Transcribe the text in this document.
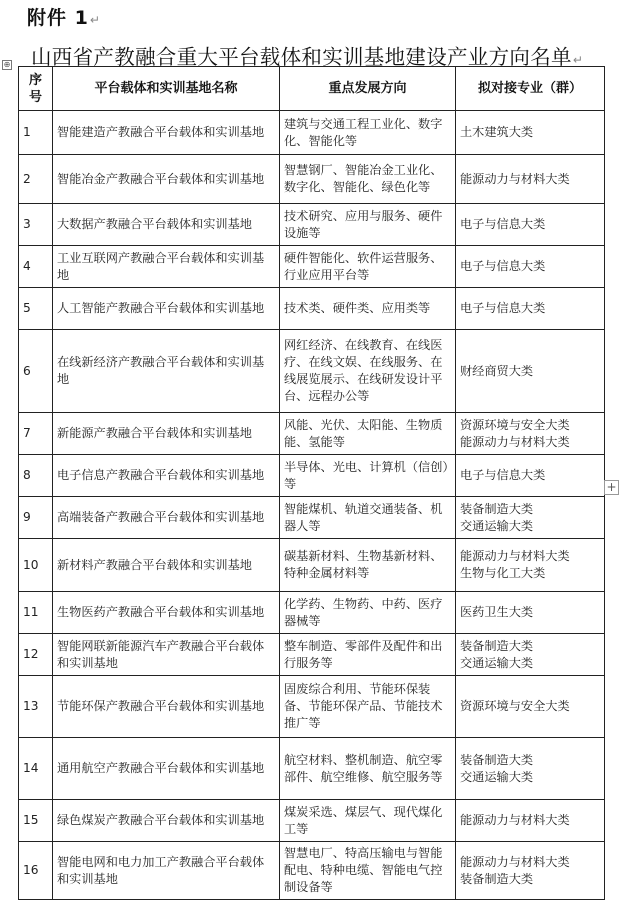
附件 1↵
⊕ 山西省产教融合重大平台载体和实训基地建设产业方向名单↵
序号	平台载体和实训基地名称	重点发展方向	拟对接专业（群）
1	智能建造产教融合平台载体和实训基地	建筑与交通工程工业化、数字化、智能化等	土木建筑大类

2	智能冶金产教融合平台载体和实训基地	智慧钢厂、智能冶金工业化、数字化、智能化、绿色化等	能源动力与材料大类

3	大数据产教融合平台载体和实训基地	技术研究、应用与服务、硬件设施等	电子与信息大类

4	工业互联网产教融合平台载体和实训基地	硬件智能化、软件运营服务、行业应用平台等	电子与信息大类

5	人工智能产教融合平台载体和实训基地	技术类、硬件类、应用类等	电子与信息大类

6	在线新经济产教融合平台载体和实训基地	网红经济、在线教育、在线医疗、在线文娱、在线服务、在线展览展示、在线研发设计平台、远程办公等	财经商贸大类

7	新能源产教融合平台载体和实训基地	风能、光伏、太阳能、生物质能、氢能等	资源环境与安全大类
能源动力与材料大类

8	电子信息产教融合平台载体和实训基地	半导体、光电、计算机（信创）等	电子与信息大类

9	高端装备产教融合平台载体和实训基地	智能煤机、轨道交通装备、机器人等	装备制造大类
交通运输大类

10	新材料产教融合平台载体和实训基地	碳基新材料、生物基新材料、特种金属材料等	能源动力与材料大类
生物与化工大类

11	生物医药产教融合平台载体和实训基地	化学药、生物药、中药、医疗器械等	医药卫生大类

12	智能网联新能源汽车产教融合平台载体和实训基地	整车制造、零部件及配件和出行服务等	装备制造大类
交通运输大类

13	节能环保产教融合平台载体和实训基地	固废综合利用、节能环保装备、节能环保产品、节能技术推广等	资源环境与安全大类

14	通用航空产教融合平台载体和实训基地	航空材料、整机制造、航空零部件、航空维修、航空服务等	装备制造大类
交通运输大类

15	绿色煤炭产教融合平台载体和实训基地	煤炭采选、煤层气、现代煤化工等	能源动力与材料大类

16	智能电网和电力加工产教融合平台载体和实训基地	智慧电厂、特高压输电与智能配电、特种电缆、智能电气控制设备等	能源动力与材料大类
装备制造大类
+
